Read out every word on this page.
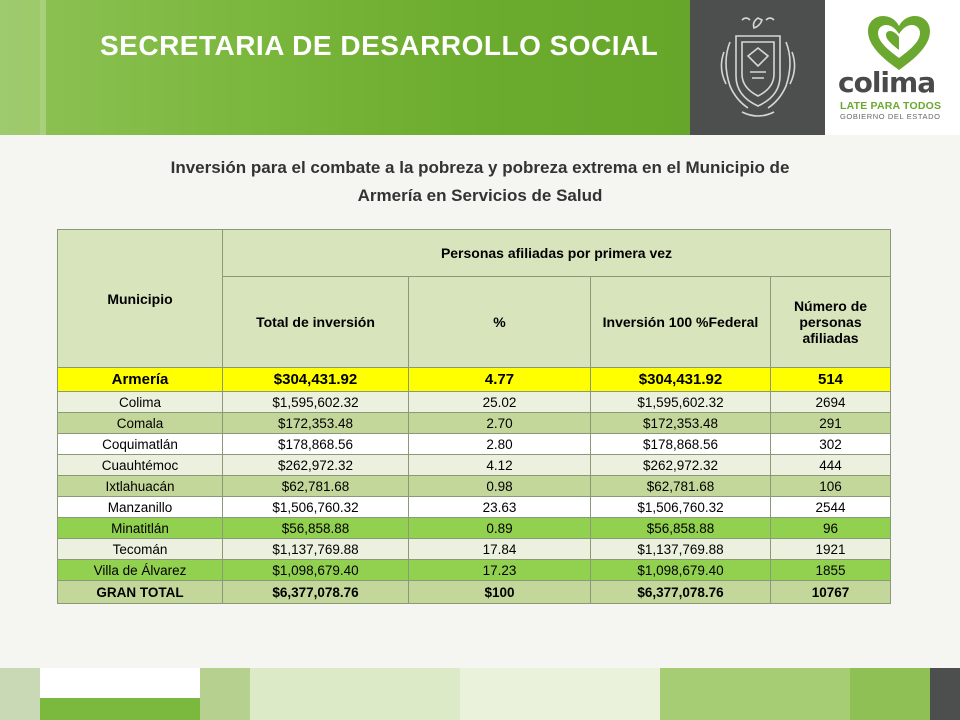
SECRETARIA DE DESARROLLO SOCIAL
colima
LATE PARA TODOS
GOBIERNO DEL ESTADO
Inversión para el combate a la pobreza y pobreza extrema en el Municipio de
Armería en Servicios de Salud
Municipio	Personas afiliadas por primera vez			
	Total de inversión	%	Inversión 100 %Federal	Número de personas afiliadas
Armería	$304,431.92	4.77	$304,431.92	514
Colima	$1,595,602.32	25.02	$1,595,602.32	2694
Comala	$172,353.48	2.70	$172,353.48	291
Coquimatlán	$178,868.56	2.80	$178,868.56	302
Cuauhtémoc	$262,972.32	4.12	$262,972.32	444
Ixtlahuacán	$62,781.68	0.98	$62,781.68	106
Manzanillo	$1,506,760.32	23.63	$1,506,760.32	2544
Minatitlán	$56,858.88	0.89	$56,858.88	96
Tecomán	$1,137,769.88	17.84	$1,137,769.88	1921
Villa de Álvarez	$1,098,679.40	17.23	$1,098,679.40	1855
GRAN TOTAL	$6,377,078.76	$100	$6,377,078.76	10767
